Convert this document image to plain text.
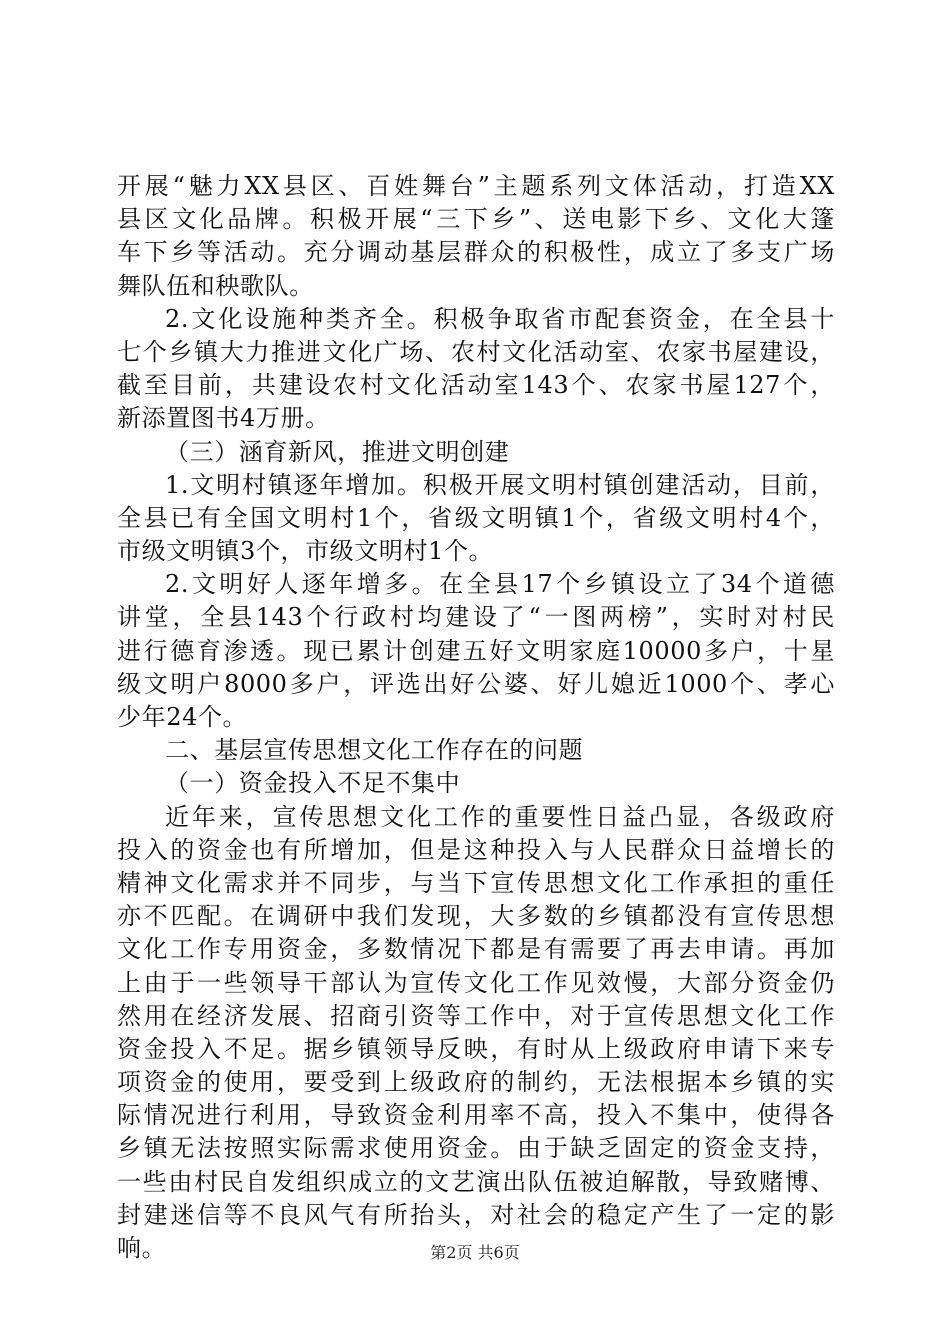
开展“魅力XX县区、百姓舞台”主题系列文体活动，打造XX
县区文化品牌。积极开展“三下乡”、送电影下乡、文化大篷
车下乡等活动。充分调动基层群众的积极性，成立了多支广场
舞队伍和秧歌队。
2.文化设施种类齐全。积极争取省市配套资金，在全县十
七个乡镇大力推进文化广场、农村文化活动室、农家书屋建设，
截至目前，共建设农村文化活动室143个、农家书屋127个，
新添置图书4万册。
（三）涵育新风，推进文明创建
1.文明村镇逐年增加。积极开展文明村镇创建活动，目前，
全县已有全国文明村1个，省级文明镇1个，省级文明村4个，
市级文明镇3个，市级文明村1个。
2.文明好人逐年增多。在全县17个乡镇设立了34个道德
讲堂，全县143个行政村均建设了“一图两榜”，实时对村民
进行德育渗透。现已累计创建五好文明家庭10000多户，十星
级文明户8000多户，评选出好公婆、好儿媳近1000个、孝心
少年24个。
二、基层宣传思想文化工作存在的问题
（一）资金投入不足不集中
近年来，宣传思想文化工作的重要性日益凸显，各级政府
投入的资金也有所增加，但是这种投入与人民群众日益增长的
精神文化需求并不同步，与当下宣传思想文化工作承担的重任
亦不匹配。在调研中我们发现，大多数的乡镇都没有宣传思想
文化工作专用资金，多数情况下都是有需要了再去申请。再加
上由于一些领导干部认为宣传文化工作见效慢，大部分资金仍
然用在经济发展、招商引资等工作中，对于宣传思想文化工作
资金投入不足。据乡镇领导反映，有时从上级政府申请下来专
项资金的使用，要受到上级政府的制约，无法根据本乡镇的实
际情况进行利用，导致资金利用率不高，投入不集中，使得各
乡镇无法按照实际需求使用资金。由于缺乏固定的资金支持，
一些由村民自发组织成立的文艺演出队伍被迫解散，导致赌博、
封建迷信等不良风气有所抬头，对社会的稳定产生了一定的影
响。	第2页 共6页
